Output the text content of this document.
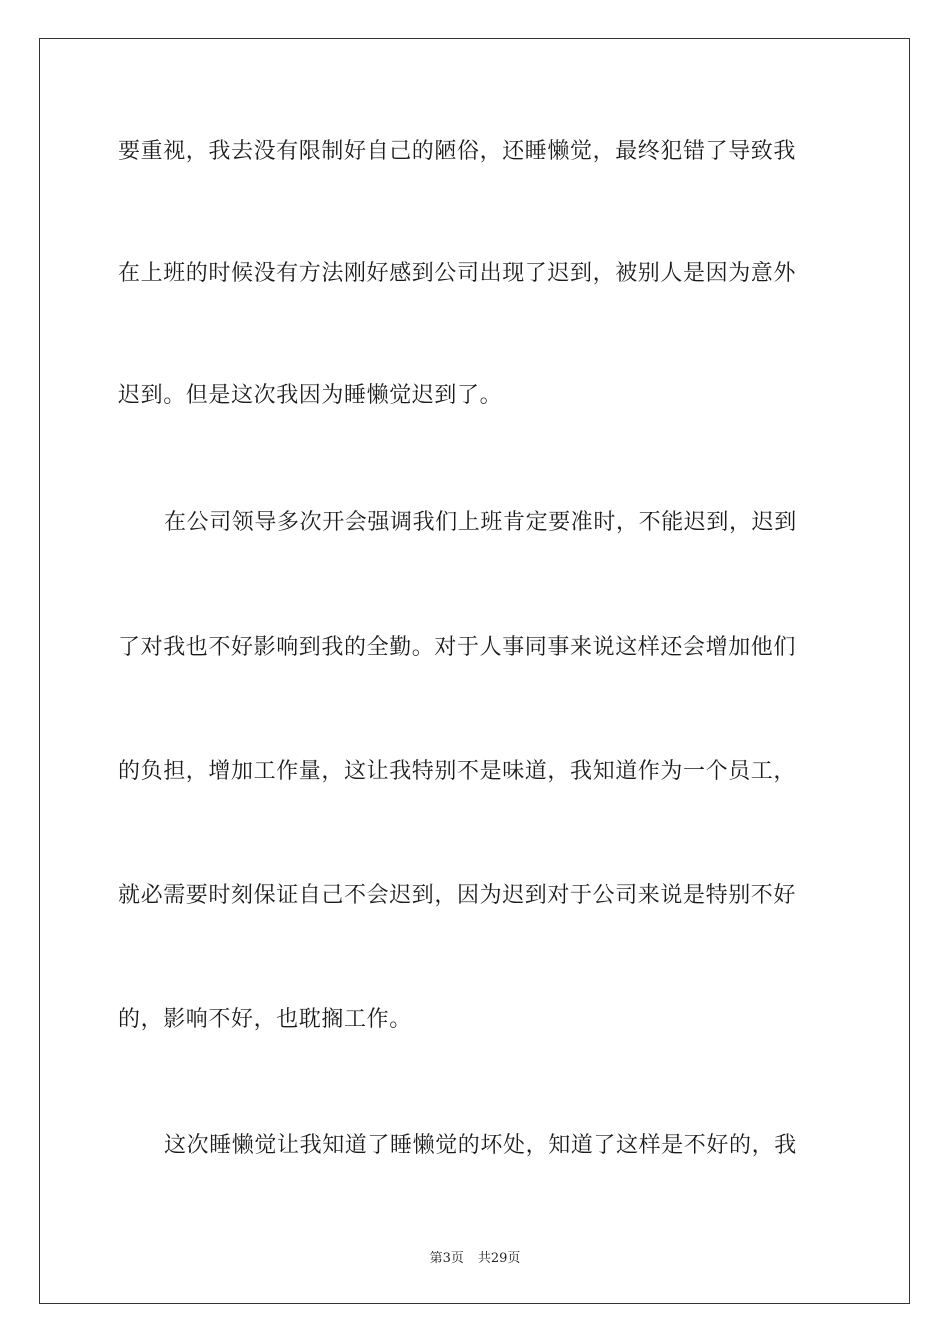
要重视，我去没有限制好自己的陋俗，还睡懒觉，最终犯错了导致我
在上班的时候没有方法刚好感到公司出现了迟到，被别人是因为意外
迟到。但是这次我因为睡懒觉迟到了。
在公司领导多次开会强调我们上班肯定要准时，不能迟到，迟到
了对我也不好影响到我的全勤。对于人事同事来说这样还会增加他们
的负担，增加工作量，这让我特别不是味道，我知道作为一个员工，
就必需要时刻保证自己不会迟到，因为迟到对于公司来说是特别不好
的，影响不好，也耽搁工作。
这次睡懒觉让我知道了睡懒觉的坏处，知道了这样是不好的，我
第3页 共29页
